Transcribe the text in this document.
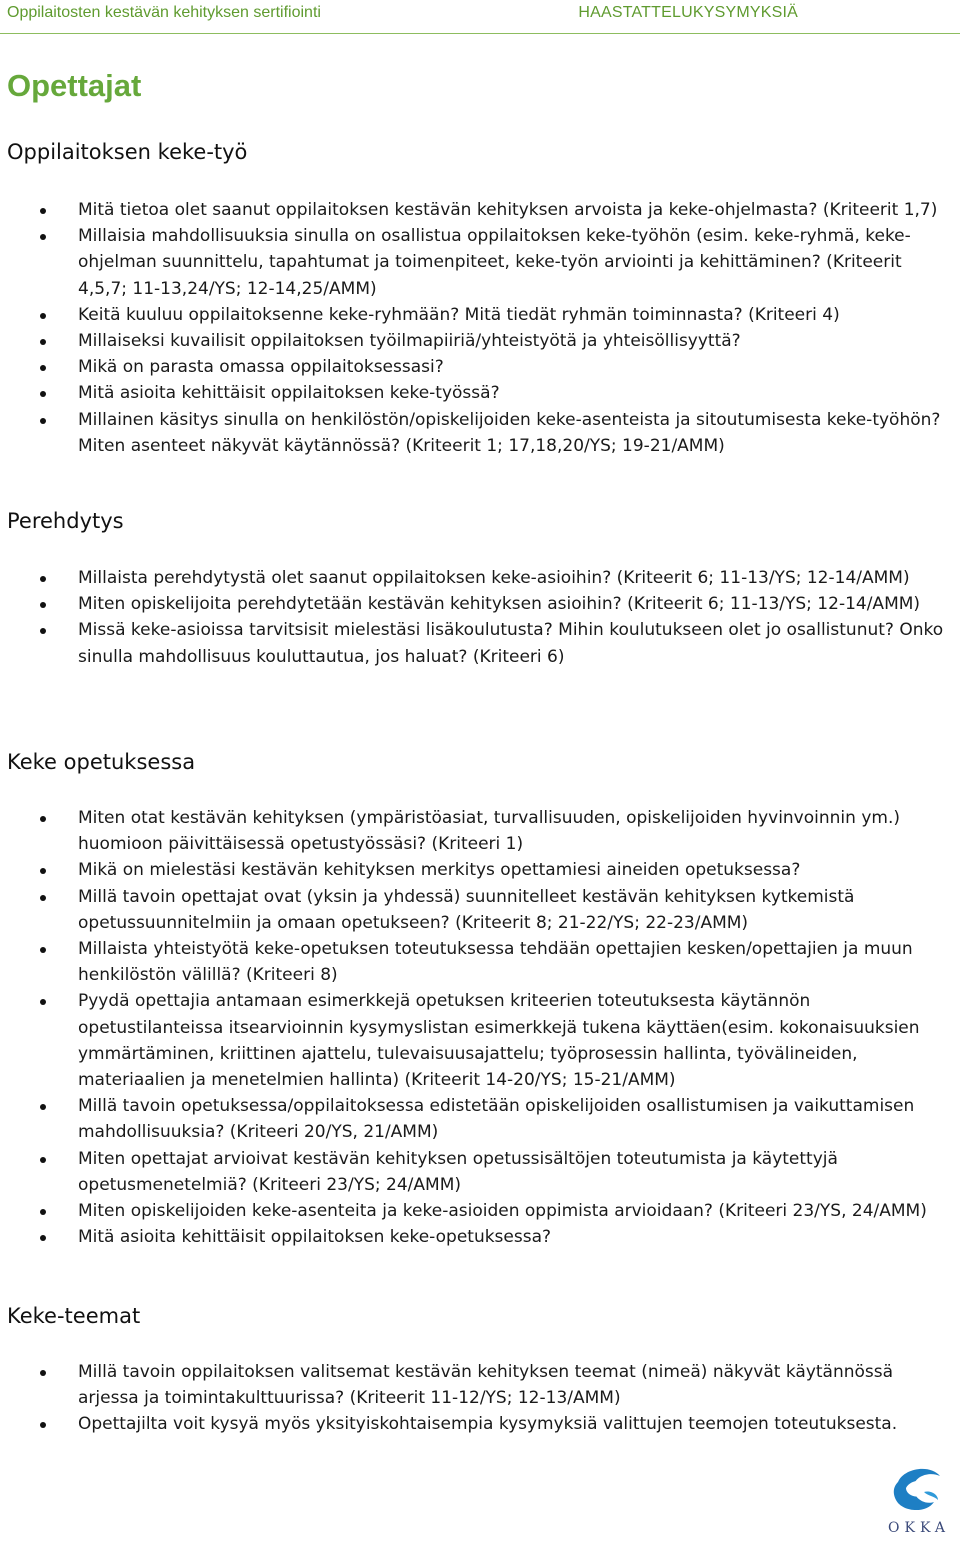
Oppilaitosten kestävän kehityksen sertifiointi	HAASTATTELUKYSYMYKSIÄ
Opettajat
Oppilaitoksen keke-työ
Mitä tietoa olet saanut oppilaitoksen kestävän kehityksen arvoista ja keke-ohjelmasta? (Kriteerit 1,7)
Millaisia mahdollisuuksia sinulla on osallistua oppilaitoksen keke-työhön (esim. keke-ryhmä, keke-ohjelman suunnittelu, tapahtumat ja toimenpiteet, keke-työn arviointi ja kehittäminen? (Kriteerit 4,5,7; 11-13,24/YS; 12-14,25/AMM)
Keitä kuuluu oppilaitoksenne keke-ryhmään? Mitä tiedät ryhmän toiminnasta? (Kriteeri 4)
Millaiseksi kuvailisit oppilaitoksen työilmapiiriä/yhteistyötä ja yhteisöllisyyttä?
Mikä on parasta omassa oppilaitoksessasi?
Mitä asioita kehittäisit oppilaitoksen keke-työssä?
Millainen käsitys sinulla on henkilöstön/opiskelijoiden keke-asenteista ja sitoutumisesta keke-työhön? Miten asenteet näkyvät käytännössä? (Kriteerit 1; 17,18,20/YS; 19-21/AMM)
Perehdytys
Millaista perehdytystä olet saanut oppilaitoksen keke-asioihin? (Kriteerit 6; 11-13/YS; 12-14/AMM)
Miten opiskelijoita perehdytetään kestävän kehityksen asioihin? (Kriteerit 6; 11-13/YS; 12-14/AMM)
Missä keke-asioissa tarvitsisit mielestäsi lisäkoulutusta? Mihin koulutukseen olet jo osallistunut? Onko sinulla mahdollisuus kouluttautua, jos haluat? (Kriteeri 6)
Keke opetuksessa
Miten otat kestävän kehityksen (ympäristöasiat, turvallisuuden, opiskelijoiden hyvinvoinnin ym.) huomioon päivittäisessä opetustyössäsi? (Kriteeri 1)
Mikä on mielestäsi kestävän kehityksen merkitys opettamiesi aineiden opetuksessa?
Millä tavoin opettajat ovat (yksin ja yhdessä) suunnitelleet kestävän kehityksen kytkemistä opetussuunnitelmiin ja omaan opetukseen? (Kriteerit 8; 21-22/YS; 22-23/AMM)
Millaista yhteistyötä keke-opetuksen toteutuksessa tehdään opettajien kesken/opettajien ja muun henkilöstön välillä? (Kriteeri 8)
Pyydä opettajia antamaan esimerkkejä opetuksen kriteerien toteutuksesta käytännön opetustilanteissa itsearvioinnin kysymyslistan esimerkkejä tukena käyttäen(esim. kokonaisuuksien ymmärtäminen, kriittinen ajattelu, tulevaisuusajattelu; työprosessin hallinta, työvälineiden, materiaalien ja menetelmien hallinta) (Kriteerit 14-20/YS; 15-21/AMM)
Millä tavoin opetuksessa/oppilaitoksessa edistetään opiskelijoiden osallistumisen ja vaikuttamisen mahdollisuuksia? (Kriteeri 20/YS, 21/AMM)
Miten opettajat arvioivat kestävän kehityksen opetussisältöjen toteutumista ja käytettyjä opetusmenetelmiä? (Kriteeri 23/YS; 24/AMM)
Miten opiskelijoiden keke-asenteita ja keke-asioiden oppimista arvioidaan? (Kriteeri 23/YS, 24/AMM)
Mitä asioita kehittäisit oppilaitoksen keke-opetuksessa?
Keke-teemat
Millä tavoin oppilaitoksen valitsemat kestävän kehityksen teemat (nimeä) näkyvät käytännössä arjessa ja toimintakulttuurissa? (Kriteerit 11-12/YS; 12-13/AMM)
Opettajilta voit kysyä myös yksityiskohtaisempia kysymyksiä valittujen teemojen toteutuksesta.
OKKA
